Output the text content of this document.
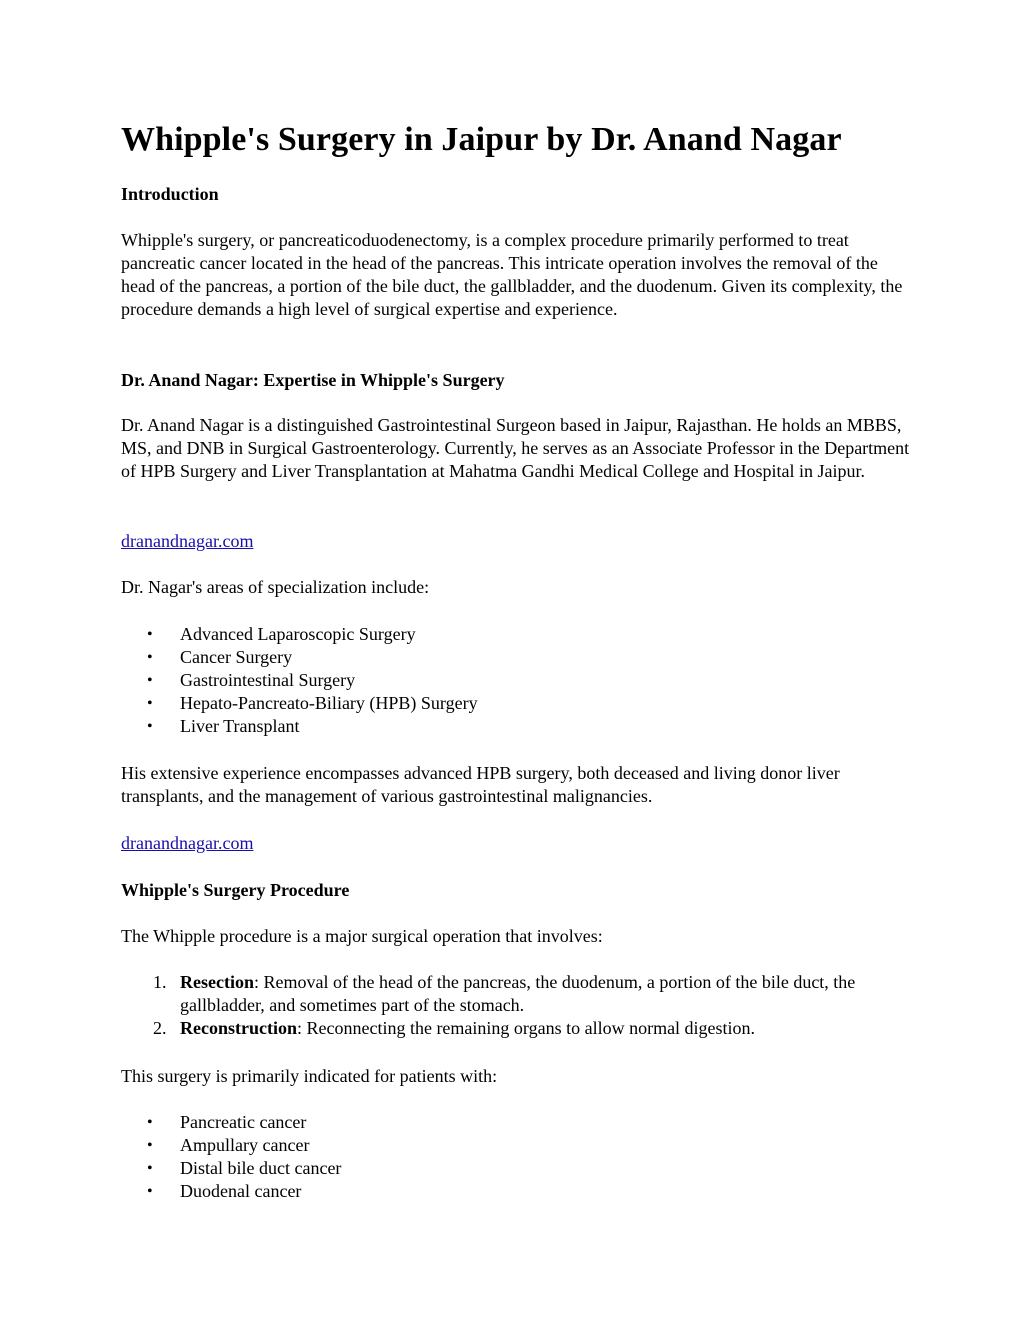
Whipple's Surgery in Jaipur by Dr. Anand Nagar
Introduction

Whipple's surgery, or pancreaticoduodenectomy, is a complex procedure primarily performed to treat pancreatic cancer located in the head of the pancreas. This intricate operation involves the removal of the head of the pancreas, a portion of the bile duct, the gallbladder, and the duodenum. Given its complexity, the procedure demands a high level of surgical expertise and experience.

Dr. Anand Nagar: Expertise in Whipple's Surgery

Dr. Anand Nagar is a distinguished Gastrointestinal Surgeon based in Jaipur, Rajasthan. He holds an MBBS, MS, and DNB in Surgical Gastroenterology. Currently, he serves as an Associate Professor in the Department of HPB Surgery and Liver Transplantation at Mahatma Gandhi Medical College and Hospital in Jaipur.

dranandnagar.com

Dr. Nagar's areas of specialization include:

• Advanced Laparoscopic Surgery
• Cancer Surgery
• Gastrointestinal Surgery
• Hepato-Pancreato-Biliary (HPB) Surgery
• Liver Transplant

His extensive experience encompasses advanced HPB surgery, both deceased and living donor liver transplants, and the management of various gastrointestinal malignancies.

dranandnagar.com
Whipple's Surgery Procedure

The Whipple procedure is a major surgical operation that involves:

1. Resection: Removal of the head of the pancreas, the duodenum, a portion of the bile duct, the gallbladder, and sometimes part of the stomach.
2. Reconstruction: Reconnecting the remaining organs to allow normal digestion.

This surgery is primarily indicated for patients with:

• Pancreatic cancer
• Ampullary cancer
• Distal bile duct cancer
• Duodenal cancer
